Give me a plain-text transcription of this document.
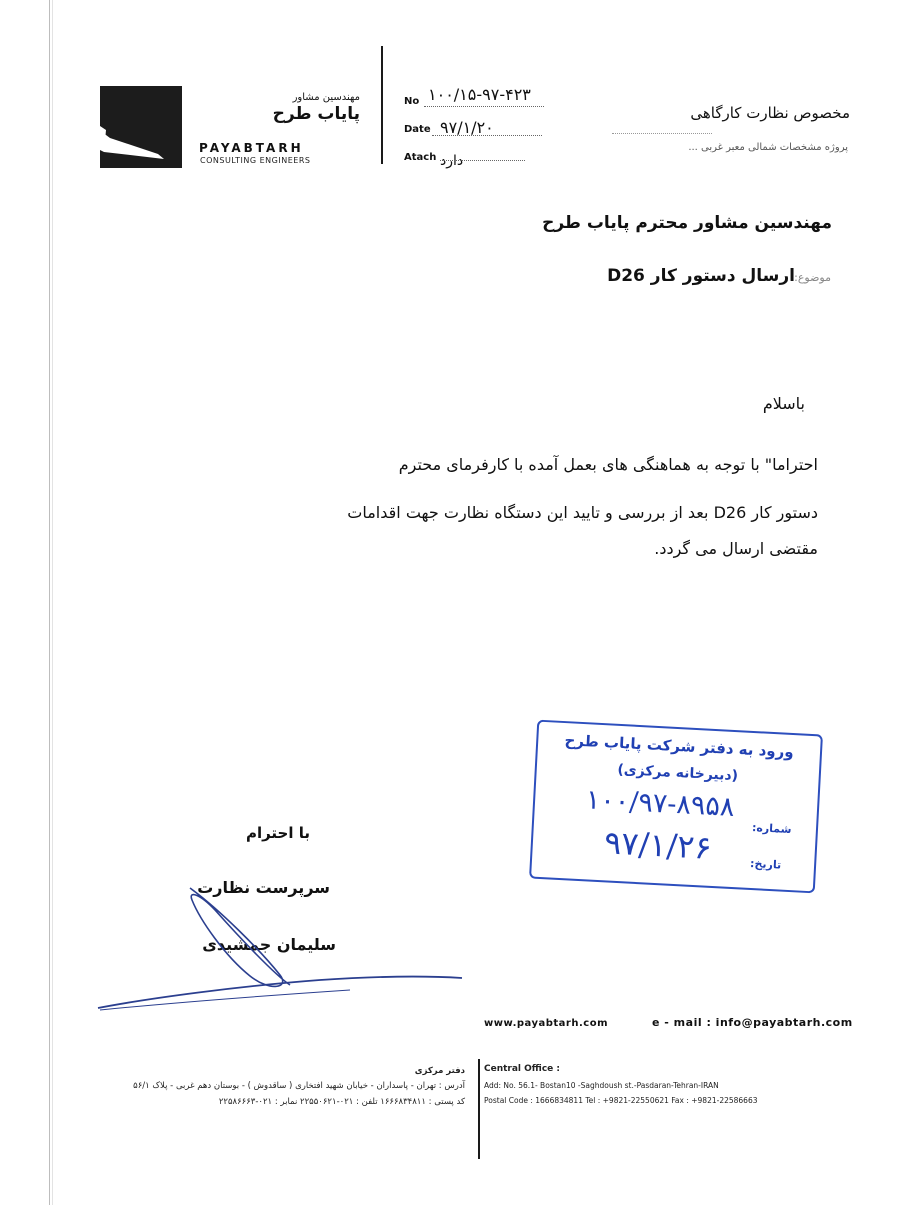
مهندسین مشاور
پایاب طرح
PAYABTARH
CONSULTING ENGINEERS
No ۱۰۰/۱۵-۹۷-۴۲۳
Date ۹۷/۱/۲۰
Atach دارد
مخصوص نظارت کارگاهی
پروژه مشخصات شمالی معبر غربی ...
مهندسین مشاور محترم پایاب طرح
موضوع:
ارسال دستور کار D26
باسلام
احتراما" با توجه به هماهنگی های بعمل آمده با کارفرمای محترم
دستور کار D26 بعد از بررسی و تایید این دستگاه نظارت جهت اقدامات
مقتضی ارسال می گردد.
ورود به دفتر شرکت پایاب طرح
(دبیرخانه مرکزی)
شماره:
۱۰۰/۹۷-۸۹۵۸
تاریخ:
۹۷/۱/۲۶
با احترام
سرپرست نظارت
سلیمان جمشیدی
www.payabtarh.com	e - mail : info@payabtarh.com
دفتر مرکزی
آدرس : تهران - پاسداران - خیابان شهید افتخاری ( ساقدوش ) - بوستان دهم غربی - پلاک ۵۶/۱
کد پستی : ۱۶۶۶۸۳۴۸۱۱ تلفن : ۰۲۱-۲۲۵۵۰۶۲۱ نمابر : ۰۲۱-۲۲۵۸۶۶۶۳
Central Office :
Add: No. 56.1- Bostan10 -Saghdoush st.-Pasdaran-Tehran-IRAN
Postal Code : 1666834811 Tel : +9821-22550621 Fax : +9821-22586663
